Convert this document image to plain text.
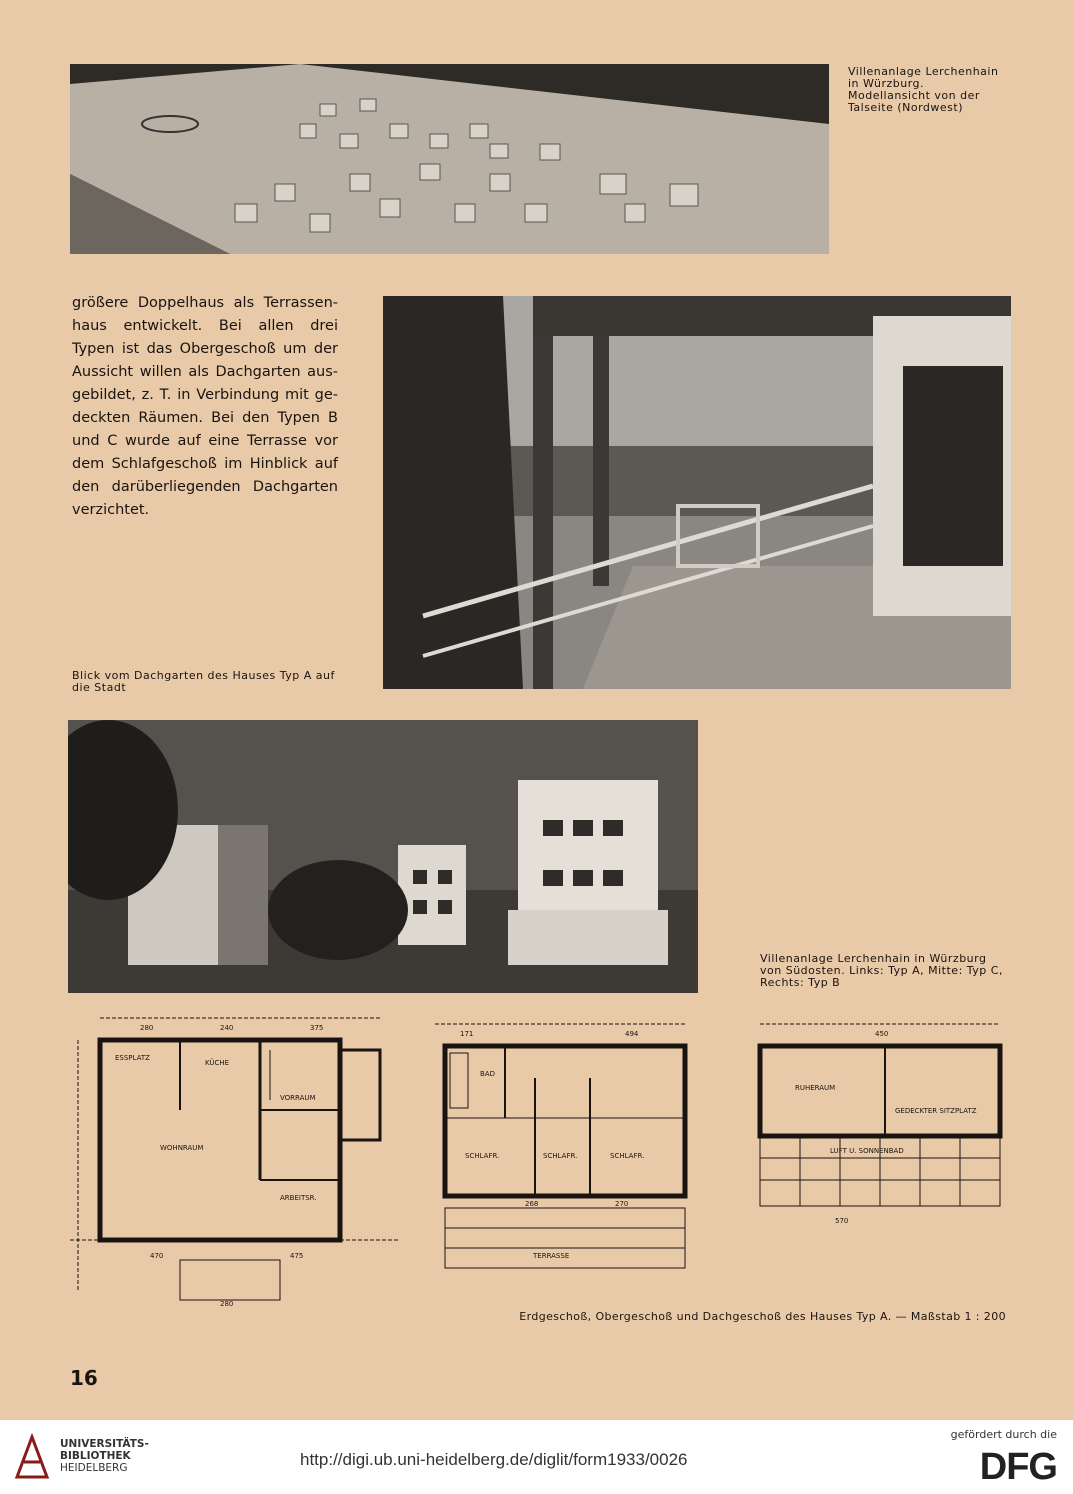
Villenanlage Lerchenhain in Würzburg. Modellansicht von der Talseite (Nordwest)
größere Doppelhaus als Terrassen-
haus entwickelt. Bei allen drei
Typen ist das Obergeschoß um der
Aussicht willen als Dachgarten aus-
gebildet, z. T. in Verbindung mit ge-
deckten Räumen. Bei den Typen B
und C wurde auf eine Terrasse vor
dem Schlafgeschoß im Hinblick auf
den darüberliegenden Dachgarten
verzichtet.
Blick vom Dachgarten des Hauses Typ A auf die Stadt
Villenanlage Lerchenhain in Würzburg von Südosten. Links: Typ A, Mitte: Typ C, Rechts: Typ B
ESSPLATZ
KÜCHE
VORRAUM
WOHNRAUM
ARBEITSR.
280	240	375
470	475
280
BAD
SCHLAFR.	SCHLAFR.	SCHLAFR.
TERRASSE
171	494
268	270
RUHERAUM
GEDECKTER SITZPLATZ
LUFT U. SONNENBAD
450
570
Erdgeschoß, Obergeschoß und Dachgeschoß des Hauses Typ A. — Maßstab 1 : 200
16
UNIVERSITÄTS-
BIBLIOTHEK
HEIDELBERG	http://digi.ub.uni-heidelberg.de/diglit/form1933/0026
gefördert durch die
DFG
